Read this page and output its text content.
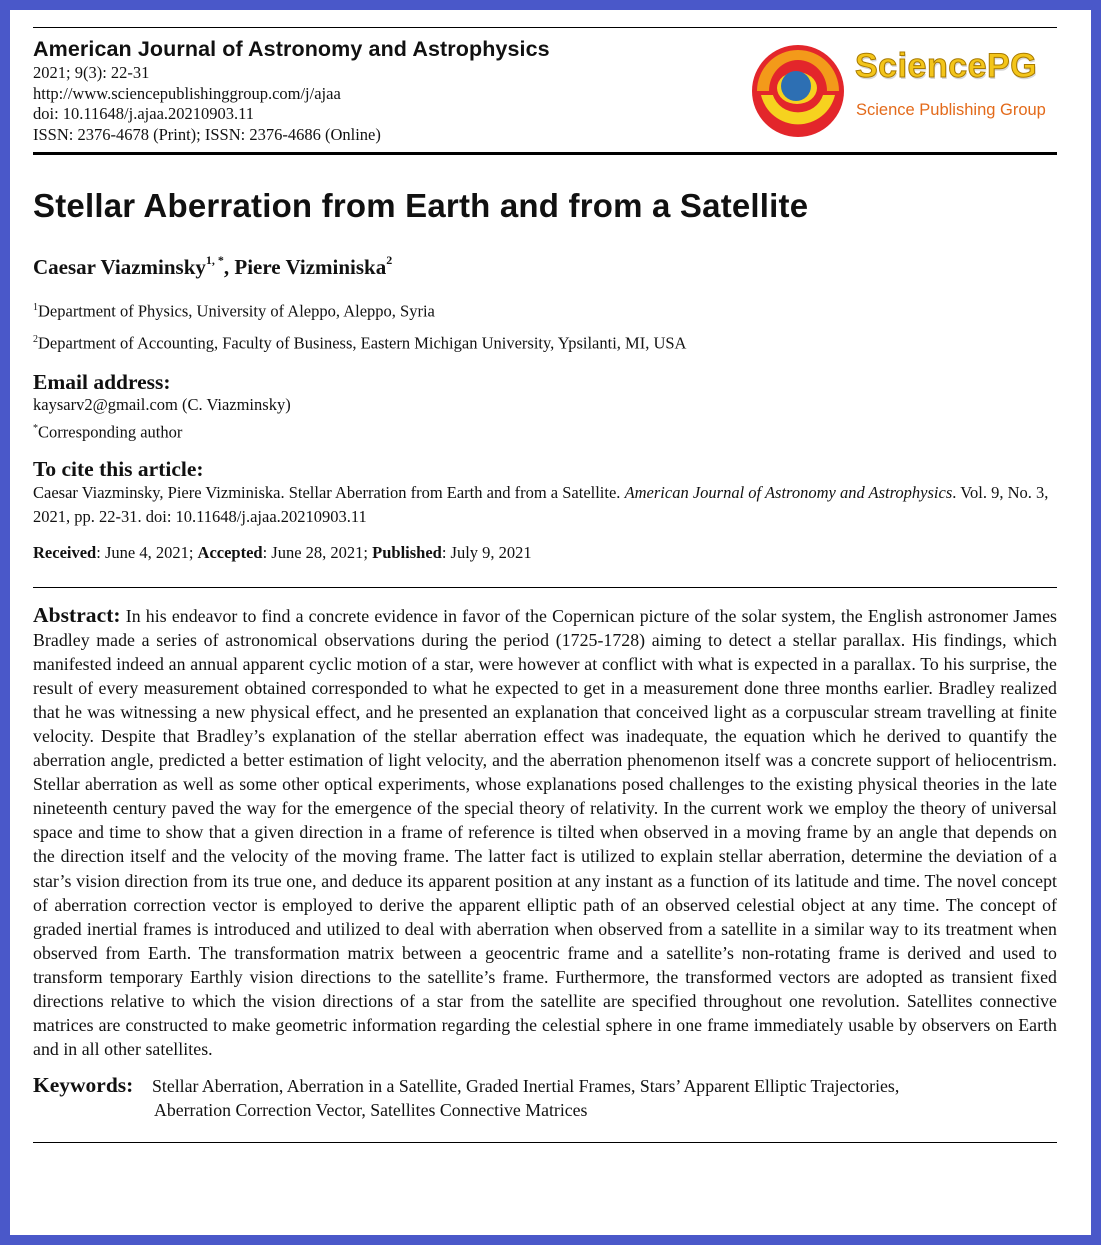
American Journal of Astronomy and Astrophysics
2021; 9(3): 22-31
http://www.sciencepublishinggroup.com/j/ajaa
doi: 10.11648/j.ajaa.20210903.11
ISSN: 2376-4678 (Print); ISSN: 2376-4686 (Online)
SciencePG
Science Publishing Group
Stellar Aberration from Earth and from a Satellite
Caesar Viazminsky$^{1, *}$, Piere Vizminiska$^2$
$^1$Department of Physics, University of Aleppo, Aleppo, Syria
$^2$Department of Accounting, Faculty of Business, Eastern Michigan University, Ypsilanti, MI, USA
Email address:
kaysarv2@gmail.com (C. Viazminsky)
*Corresponding author
To cite this article:
Caesar Viazminsky, Piere Vizminiska. Stellar Aberration from Earth and from a Satellite. American Journal of Astronomy and Astrophysics. Vol. 9, No. 3, 2021, pp. 22-31. doi: 10.11648/j.ajaa.20210903.11
Received: June 4, 2021; Accepted: June 28, 2021; Published: July 9, 2021
Abstract: In his endeavor to find a concrete evidence in favor of the Copernican picture of the solar system, the English astronomer James Bradley made a series of astronomical observations during the period (1725-1728) aiming to detect a stellar parallax. His findings, which manifested indeed an annual apparent cyclic motion of a star, were however at conflict with what is expected in a parallax. To his surprise, the result of every measurement obtained corresponded to what he expected to get in a measurement done three months earlier. Bradley realized that he was witnessing a new physical effect, and he presented an explanation that conceived light as a corpuscular stream travelling at finite velocity. Despite that Bradley’s explanation of the stellar aberration effect was inadequate, the equation which he derived to quantify the aberration angle, predicted a better estimation of light velocity, and the aberration phenomenon itself was a concrete support of heliocentrism. Stellar aberration as well as some other optical experiments, whose explanations posed challenges to the existing physical theories in the late nineteenth century paved the way for the emergence of the special theory of relativity. In the current work we employ the theory of universal space and time to show that a given direction in a frame of reference is tilted when observed in a moving frame by an angle that depends on the direction itself and the velocity of the moving frame. The latter fact is utilized to explain stellar aberration, determine the deviation of a star’s vision direction from its true one, and deduce its apparent position at any instant as a function of its latitude and time. The novel concept of aberration correction vector is employed to derive the apparent elliptic path of an observed celestial object at any time. The concept of graded inertial frames is introduced and utilized to deal with aberration when observed from a satellite in a similar way to its treatment when observed from Earth. The transformation matrix between a geocentric frame and a satellite’s non-rotating frame is derived and used to transform temporary Earthly vision directions to the satellite’s frame. Furthermore, the transformed vectors are adopted as transient fixed directions relative to which the vision directions of a star from the satellite are specified throughout one revolution. Satellites connective matrices are constructed to make geometric information regarding the celestial sphere in one frame immediately usable by observers on Earth and in all other satellites.
Keywords: Stellar Aberration, Aberration in a Satellite, Graded Inertial Frames, Stars’ Apparent Elliptic Trajectories,
Aberration Correction Vector, Satellites Connective Matrices
